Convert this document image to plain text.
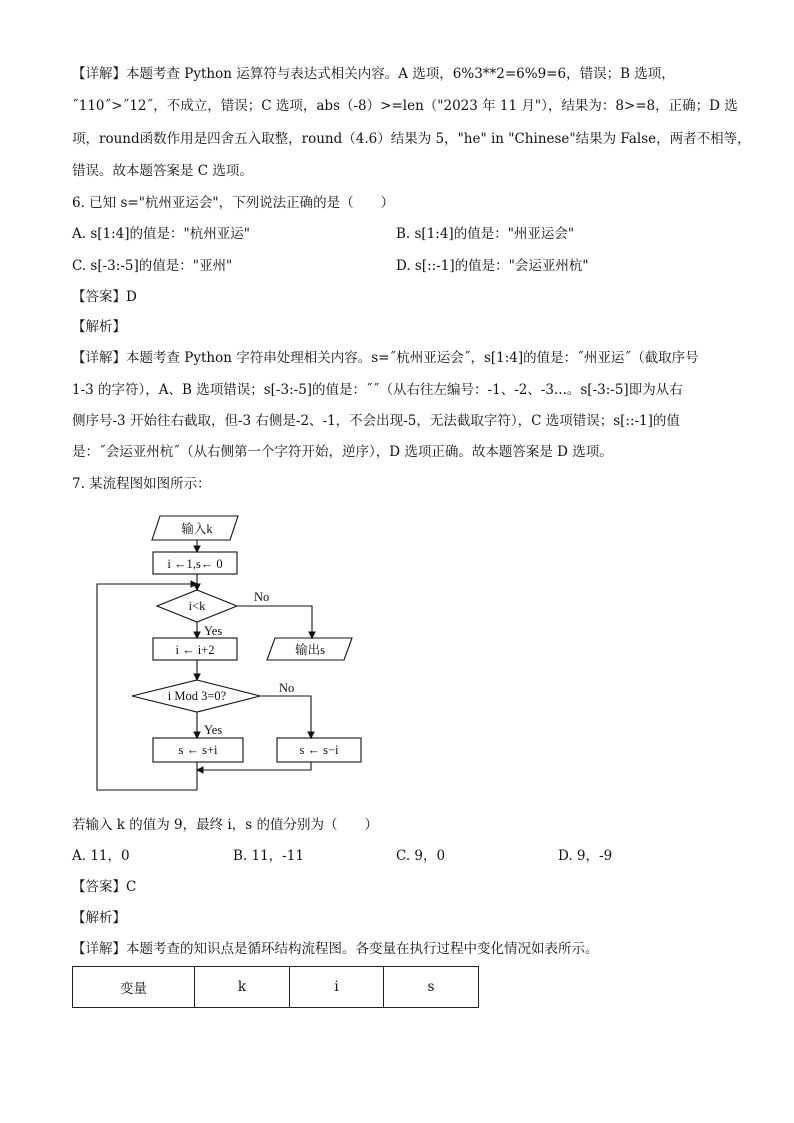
【详解】本题考查 Python 运算符与表达式相关内容。A 选项，6%3**2=6%9=6，错误；B 选项，
˝110˝>˝12˝，不成立，错误；C 选项，abs（-8）>=len（"2023 年 11 月"），结果为：8>=8，正确；D 选
项，round函数作用是四舍五入取整，round（4.6）结果为 5，"he" in "Chinese"结果为 False，两者不相等，
错误。故本题答案是 C 选项。
6. 已知 s="杭州亚运会"，下列说法正确的是（　　）
A. s[1:4]的值是："杭州亚运"	B. s[1:4]的值是："州亚运会"
C. s[-3:-5]的值是："亚州"	D. s[::-1]的值是："会运亚州杭"
【答案】D
【解析】
【详解】本题考查 Python 字符串处理相关内容。s=˝杭州亚运会˝，s[1:4]的值是：˝州亚运˝（截取序号
1-3 的字符），A、B 选项错误；s[-3:-5]的值是：˝˝（从右往左编号：-1、-2、-3...。s[-3:-5]即为从右
侧序号-3 开始往右截取，但-3 右侧是-2、-1，不会出现-5，无法截取字符），C 选项错误；s[::-1]的值
是：˝会运亚州杭˝（从右侧第一个字符开始，逆序），D 选项正确。故本题答案是 D 选项。
7. 某流程图如图所示：
输入k
i ←1,s← 0
i<k
No
Yes
i ← i+2	输出s
i Mod 3=0?
No
Yes
s ← s+i	s ← s−i
若输入 k 的值为 9，最终 i，s 的值分别为（　　）
A. 11，0	B. 11，-11	C. 9，0	D. 9，-9
【答案】C
【解析】
【详解】本题考查的知识点是循环结构流程图。各变量在执行过程中变化情况如表所示。
变量	k	i	s
